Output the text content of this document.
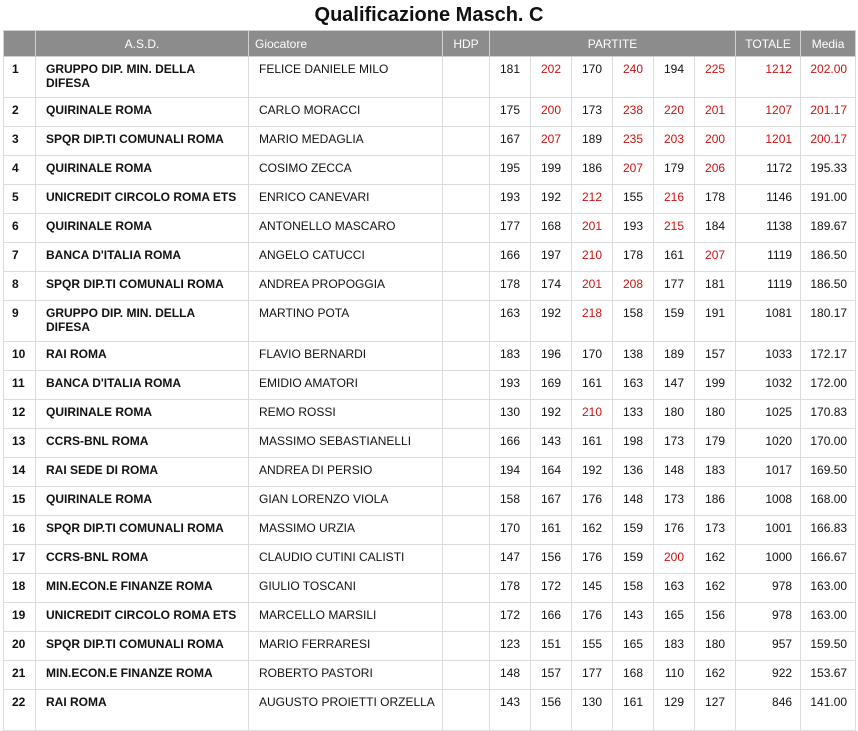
Qualificazione Masch. C
	A.S.D.	Giocatore	HDP	PARTITE						TOTALE	Media
1	GRUPPO DIP. MIN. DELLA DIFESA	FELICE DANIELE MILO		181	202	170	240	194	225	1212	202.00
2	QUIRINALE ROMA	CARLO MORACCI		175	200	173	238	220	201	1207	201.17
3	SPQR DIP.TI COMUNALI ROMA	MARIO MEDAGLIA		167	207	189	235	203	200	1201	200.17
4	QUIRINALE ROMA	COSIMO ZECCA		195	199	186	207	179	206	1172	195.33
5	UNICREDIT CIRCOLO ROMA ETS	ENRICO CANEVARI		193	192	212	155	216	178	1146	191.00
6	QUIRINALE ROMA	ANTONELLO MASCARO		177	168	201	193	215	184	1138	189.67
7	BANCA D'ITALIA ROMA	ANGELO CATUCCI		166	197	210	178	161	207	1119	186.50
8	SPQR DIP.TI COMUNALI ROMA	ANDREA PROPOGGIA		178	174	201	208	177	181	1119	186.50
9	GRUPPO DIP. MIN. DELLA DIFESA	MARTINO POTA		163	192	218	158	159	191	1081	180.17
10	RAI ROMA	FLAVIO BERNARDI		183	196	170	138	189	157	1033	172.17
11	BANCA D'ITALIA ROMA	EMIDIO AMATORI		193	169	161	163	147	199	1032	172.00
12	QUIRINALE ROMA	REMO ROSSI		130	192	210	133	180	180	1025	170.83
13	CCRS-BNL ROMA	MASSIMO SEBASTIANELLI		166	143	161	198	173	179	1020	170.00
14	RAI SEDE DI ROMA	ANDREA DI PERSIO		194	164	192	136	148	183	1017	169.50
15	QUIRINALE ROMA	GIAN LORENZO VIOLA		158	167	176	148	173	186	1008	168.00
16	SPQR DIP.TI COMUNALI ROMA	MASSIMO URZIA		170	161	162	159	176	173	1001	166.83
17	CCRS-BNL ROMA	CLAUDIO CUTINI CALISTI		147	156	176	159	200	162	1000	166.67
18	MIN.ECON.E FINANZE ROMA	GIULIO TOSCANI		178	172	145	158	163	162	978	163.00
19	UNICREDIT CIRCOLO ROMA ETS	MARCELLO MARSILI		172	166	176	143	165	156	978	163.00
20	SPQR DIP.TI COMUNALI ROMA	MARIO FERRARESI		123	151	155	165	183	180	957	159.50
21	MIN.ECON.E FINANZE ROMA	ROBERTO PASTORI		148	157	177	168	110	162	922	153.67
22	RAI ROMA	AUGUSTO PROIETTI ORZELLA		143	156	130	161	129	127	846	141.00
